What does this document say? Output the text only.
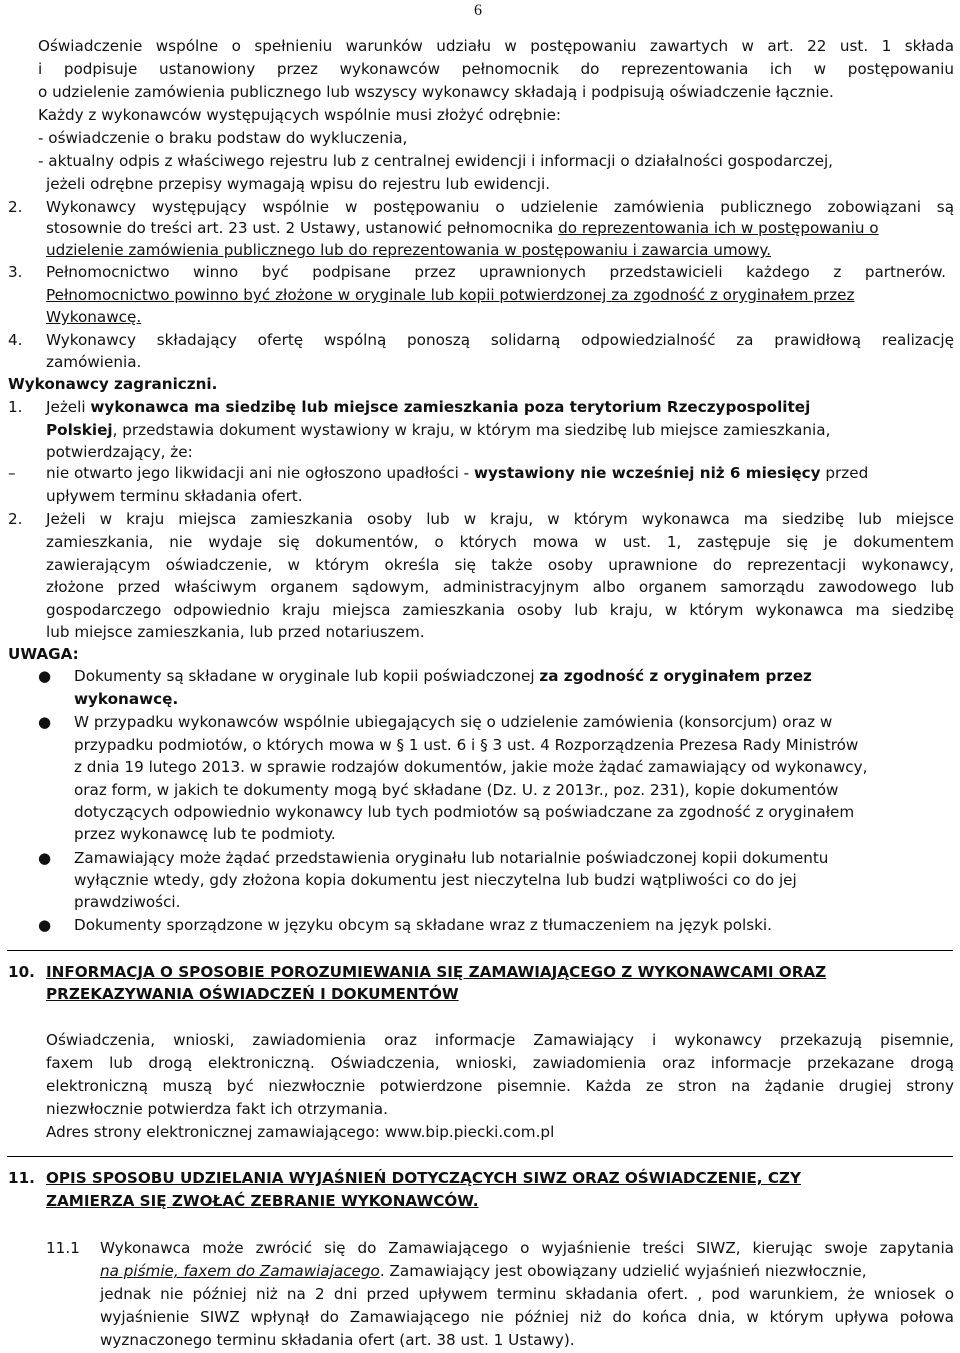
6
Oświadczenie wspólne o spełnieniu warunków udziału w postępowaniu zawartych w art. 22 ust. 1 składa
i podpisuje ustanowiony przez wykonawców pełnomocnik do reprezentowania ich w postępowaniu
o udzielenie zamówienia publicznego lub wszyscy wykonawcy składają i podpisują oświadczenie łącznie.
Każdy z wykonawców występujących wspólnie musi złożyć odrębnie:
- oświadczenie o braku podstaw do wykluczenia,
- aktualny odpis z właściwego rejestru lub z centralnej ewidencji i informacji o działalności gospodarczej,
jeżeli odrębne przepisy wymagają wpisu do rejestru lub ewidencji.
2. Wykonawcy występujący wspólnie w postępowaniu o udzielenie zamówienia publicznego zobowiązani są
stosownie do treści art. 23 ust. 2 Ustawy, ustanowić pełnomocnika do reprezentowania ich w postępowaniu o
udzielenie zamówienia publicznego lub do reprezentowania w postępowaniu i zawarcia umowy.
3. Pełnomocnictwo winno być podpisane przez uprawnionych przedstawicieli każdego z partnerów.
Pełnomocnictwo powinno być złożone w oryginale lub kopii potwierdzonej za zgodność z oryginałem przez
Wykonawcę.
4. Wykonawcy składający ofertę wspólną ponoszą solidarną odpowiedzialność za prawidłową realizację
zamówienia.
Wykonawcy zagraniczni.
1. Jeżeli wykonawca ma siedzibę lub miejsce zamieszkania poza terytorium Rzeczypospolitej
Polskiej, przedstawia dokument wystawiony w kraju, w którym ma siedzibę lub miejsce zamieszkania,
potwierdzający, że:
– nie otwarto jego likwidacji ani nie ogłoszono upadłości - wystawiony nie wcześniej niż 6 miesięcy przed
upływem terminu składania ofert.
2. Jeżeli w kraju miejsca zamieszkania osoby lub w kraju, w którym wykonawca ma siedzibę lub miejsce
zamieszkania, nie wydaje się dokumentów, o których mowa w ust. 1, zastępuje się je dokumentem
zawierającym oświadczenie, w którym określa się także osoby uprawnione do reprezentacji wykonawcy,
złożone przed właściwym organem sądowym, administracyjnym albo organem samorządu zawodowego lub
gospodarczego odpowiednio kraju miejsca zamieszkania osoby lub kraju, w którym wykonawca ma siedzibę
lub miejsce zamieszkania, lub przed notariuszem.
UWAGA:
● Dokumenty są składane w oryginale lub kopii poświadczonej za zgodność z oryginałem przez
wykonawcę.
● W przypadku wykonawców wspólnie ubiegających się o udzielenie zamówienia (konsorcjum) oraz w
przypadku podmiotów, o których mowa w § 1 ust. 6 i § 3 ust. 4 Rozporządzenia Prezesa Rady Ministrów
z dnia 19 lutego 2013. w sprawie rodzajów dokumentów, jakie może żądać zamawiający od wykonawcy,
oraz form, w jakich te dokumenty mogą być składane (Dz. U. z 2013r., poz. 231), kopie dokumentów
dotyczących odpowiednio wykonawcy lub tych podmiotów są poświadczane za zgodność z oryginałem
przez wykonawcę lub te podmioty.
● Zamawiający może żądać przedstawienia oryginału lub notarialnie poświadczonej kopii dokumentu
wyłącznie wtedy, gdy złożona kopia dokumentu jest nieczytelna lub budzi wątpliwości co do jej
prawdziwości.
● Dokumenty sporządzone w języku obcym są składane wraz z tłumaczeniem na język polski.
10. INFORMACJA O SPOSOBIE POROZUMIEWANIA SIĘ ZAMAWIAJĄCEGO Z WYKONAWCAMI ORAZ
PRZEKAZYWANIA OŚWIADCZEŃ I DOKUMENTÓW
Oświadczenia, wnioski, zawiadomienia oraz informacje Zamawiający i wykonawcy przekazują pisemnie,
faxem lub drogą elektroniczną. Oświadczenia, wnioski, zawiadomienia oraz informacje przekazane drogą
elektroniczną muszą być niezwłocznie potwierdzone pisemnie. Każda ze stron na żądanie drugiej strony
niezwłocznie potwierdza fakt ich otrzymania.
Adres strony elektronicznej zamawiającego: www.bip.piecki.com.pl
11. OPIS SPOSOBU UDZIELANIA WYJAŚNIEŃ DOTYCZĄCYCH SIWZ ORAZ OŚWIADCZENIE, CZY
ZAMIERZA SIĘ ZWOŁAĆ ZEBRANIE WYKONAWCÓW.
11.1 Wykonawca może zwrócić się do Zamawiającego o wyjaśnienie treści SIWZ, kierując swoje zapytania
na piśmie, faxem do Zamawiajacego. Zamawiający jest obowiązany udzielić wyjaśnień niezwłocznie,
jednak nie później niż na 2 dni przed upływem terminu składania ofert. , pod warunkiem, że wniosek o
wyjaśnienie SIWZ wpłynął do Zamawiającego nie później niż do końca dnia, w którym upływa połowa
wyznaczonego terminu składania ofert (art. 38 ust. 1 Ustawy).
